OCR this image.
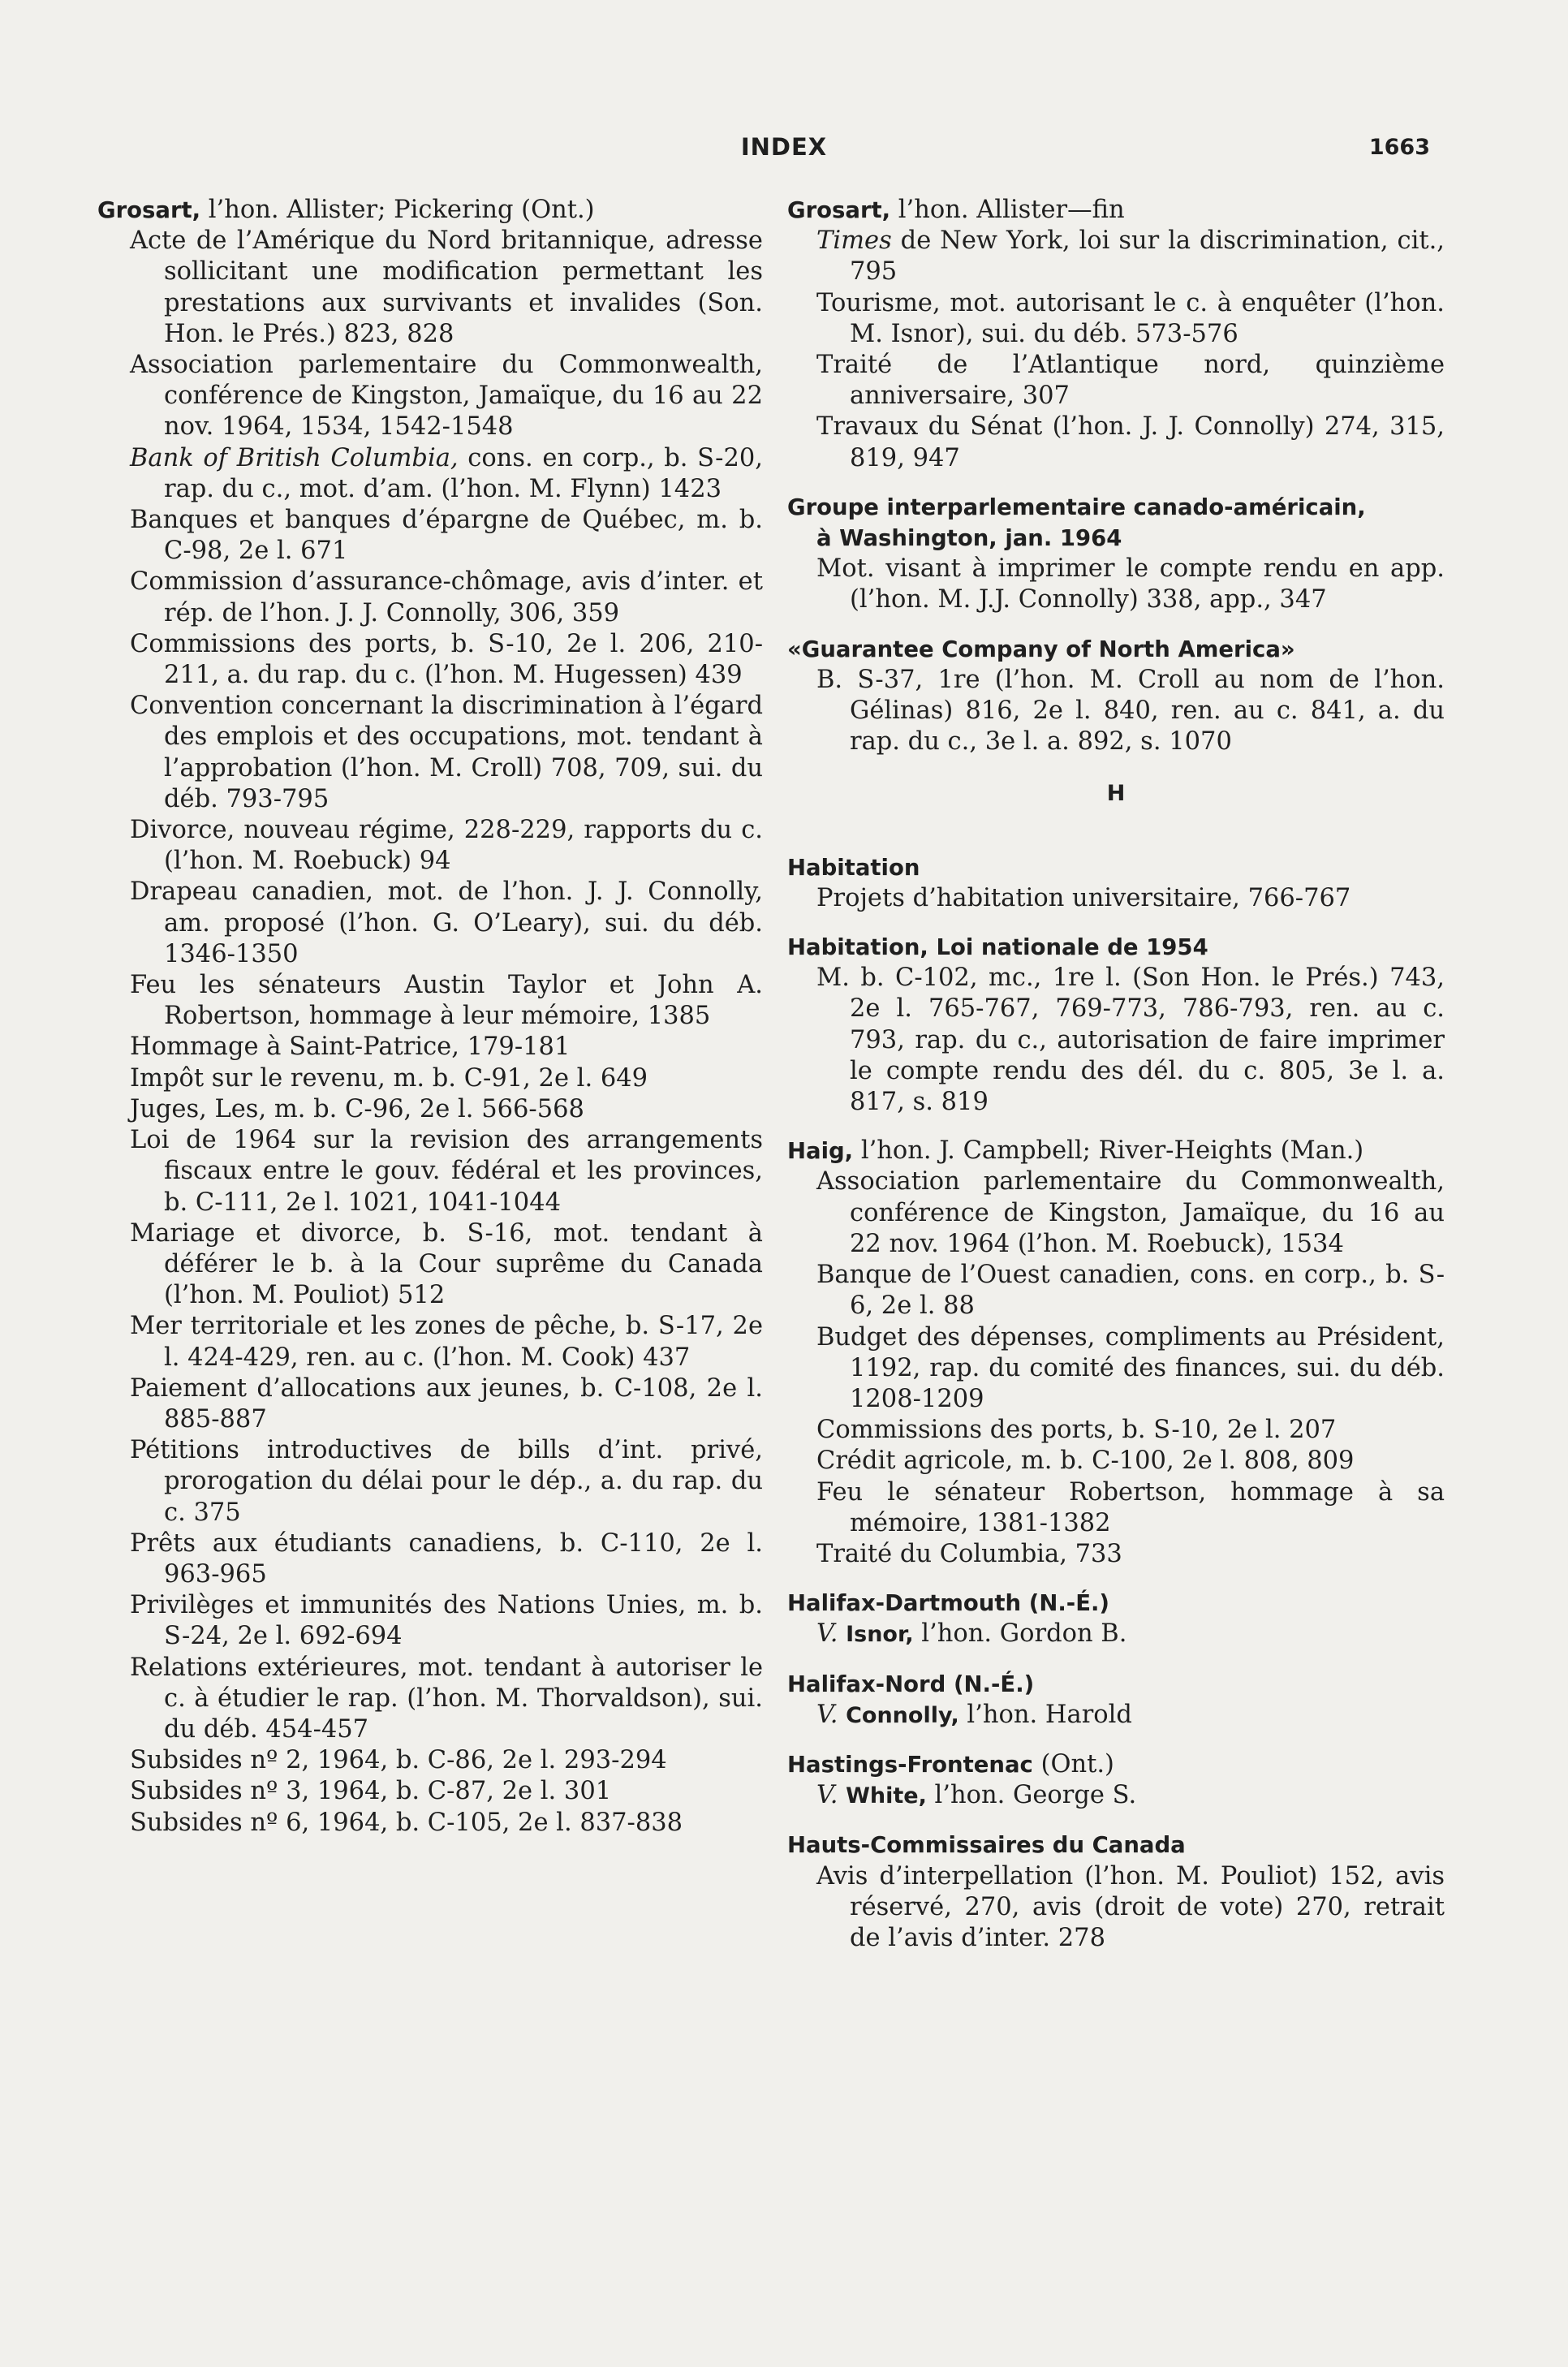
INDEX	1663
Grosart, l’hon. Allister; Pickering (Ont.)

Acte de l’Amérique du Nord britannique, adresse sollicitant une modification permettant les prestations aux survivants et invalides (Son. Hon. le Prés.) 823, 828

Association parlementaire du Commonwealth, conférence de Kingston, Jamaïque, du 16 au 22 nov. 1964, 1534, 1542-1548

Bank of British Columbia, cons. en corp., b. S-20, rap. du c., mot. d’am. (l’hon. M. Flynn) 1423

Banques et banques d’épargne de Québec, m. b. C-98, 2e l. 671

Commission d’assurance-chômage, avis d’inter. et rép. de l’hon. J. J. Connolly, 306, 359

Commissions des ports, b. S-10, 2e l. 206, 210-211, a. du rap. du c. (l’hon. M. Hugessen) 439

Convention concernant la discrimination à l’égard des emplois et des occupations, mot. tendant à l’approbation (l’hon. M. Croll) 708, 709, sui. du déb. 793-795

Divorce, nouveau régime, 228-229, rapports du c. (l’hon. M. Roebuck) 94

Drapeau canadien, mot. de l’hon. J. J. Connolly, am. proposé (l’hon. G. O’Leary), sui. du déb. 1346-1350

Feu les sénateurs Austin Taylor et John A. Robertson, hommage à leur mémoire, 1385

Hommage à Saint-Patrice, 179-181

Impôt sur le revenu, m. b. C-91, 2e l. 649

Juges, Les, m. b. C-96, 2e l. 566-568

Loi de 1964 sur la revision des arrangements fiscaux entre le gouv. fédéral et les provinces, b. C-111, 2e l. 1021, 1041-1044

Mariage et divorce, b. S-16, mot. tendant à déférer le b. à la Cour suprême du Canada (l’hon. M. Pouliot) 512

Mer territoriale et les zones de pêche, b. S-17, 2e l. 424-429, ren. au c. (l’hon. M. Cook) 437

Paiement d’allocations aux jeunes, b. C-108, 2e l. 885-887

Pétitions introductives de bills d’int. privé, prorogation du délai pour le dép., a. du rap. du c. 375

Prêts aux étudiants canadiens, b. C-110, 2e l. 963-965

Privilèges et immunités des Nations Unies, m. b. S-24, 2e l. 692-694

Relations extérieures, mot. tendant à autoriser le c. à étudier le rap. (l’hon. M. Thorvaldson), sui. du déb. 454-457

Subsides nº 2, 1964, b. C-86, 2e l. 293-294

Subsides nº 3, 1964, b. C-87, 2e l. 301

Subsides nº 6, 1964, b. C-105, 2e l. 837-838

Grosart, l’hon. Allister—fin

Times de New York, loi sur la discrimination, cit., 795

Tourisme, mot. autorisant le c. à enquêter (l’hon. M. Isnor), sui. du déb. 573-576

Traité de l’Atlantique nord, quinzième anniversaire, 307

Travaux du Sénat (l’hon. J. J. Connolly) 274, 315, 819, 947

Groupe interparlementaire canado-américain,
à Washington, jan. 1964

Mot. visant à imprimer le compte rendu en app. (l’hon. M. J.J. Connolly) 338, app., 347

«Guarantee Company of North America»

B. S-37, 1re (l’hon. M. Croll au nom de l’hon. Gélinas) 816, 2e l. 840, ren. au c. 841, a. du rap. du c., 3e l. a. 892, s. 1070

H
Habitation

Projets d’habitation universitaire, 766-767

Habitation, Loi nationale de 1954

M. b. C-102, mc., 1re l. (Son Hon. le Prés.) 743, 2e l. 765-767, 769-773, 786-793, ren. au c. 793, rap. du c., autorisation de faire imprimer le compte rendu des dél. du c. 805, 3e l. a. 817, s. 819

Haig, l’hon. J. Campbell; River-Heights (Man.)

Association parlementaire du Commonwealth, conférence de Kingston, Jamaïque, du 16 au 22 nov. 1964 (l’hon. M. Roebuck), 1534

Banque de l’Ouest canadien, cons. en corp., b. S-6, 2e l. 88

Budget des dépenses, compliments au Président, 1192, rap. du comité des finances, sui. du déb. 1208-1209

Commissions des ports, b. S-10, 2e l. 207

Crédit agricole, m. b. C-100, 2e l. 808, 809

Feu le sénateur Robertson, hommage à sa mémoire, 1381-1382

Traité du Columbia, 733

Halifax-Dartmouth (N.-É.)

V. Isnor, l’hon. Gordon B.

Halifax-Nord (N.-É.)

V. Connolly, l’hon. Harold

Hastings-Frontenac (Ont.)

V. White, l’hon. George S.

Hauts-Commissaires du Canada

Avis d’interpellation (l’hon. M. Pouliot) 152, avis réservé, 270, avis (droit de vote) 270, retrait de l’avis d’inter. 278
